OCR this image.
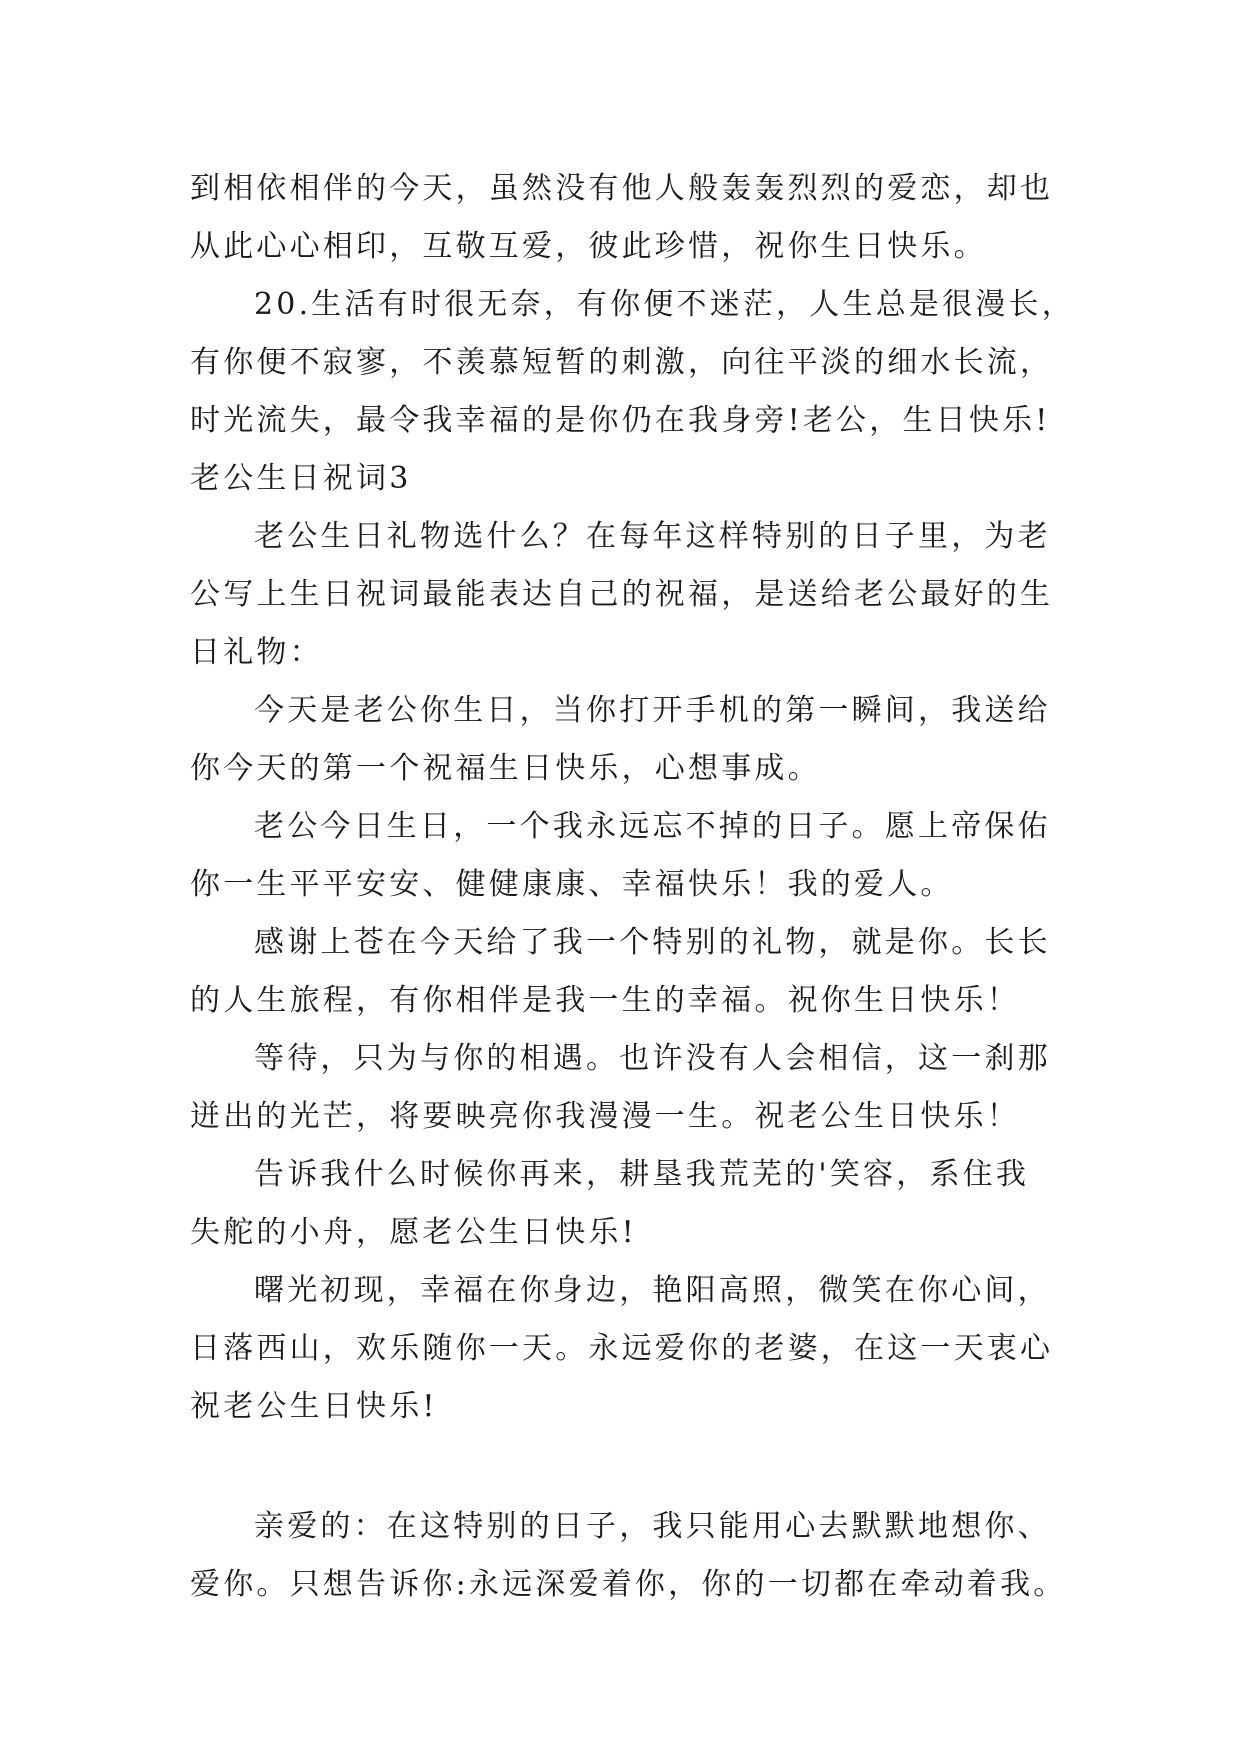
到相依相伴的今天，虽然没有他人般轰轰烈烈的爱恋，却也
从此心心相印，互敬互爱，彼此珍惜，祝你生日快乐。
20.生活有时很无奈，有你便不迷茫，人生总是很漫长，
有你便不寂寥，不羡慕短暂的刺激，向往平淡的细水长流，
时光流失，最令我幸福的是你仍在我身旁!老公，生日快乐!
老公生日祝词3
老公生日礼物选什么？在每年这样特别的日子里，为老
公写上生日祝词最能表达自己的祝福，是送给老公最好的生
日礼物：
今天是老公你生日，当你打开手机的第一瞬间，我送给
你今天的第一个祝福生日快乐，心想事成。
老公今日生日，一个我永远忘不掉的日子。愿上帝保佑
你一生平平安安、健健康康、幸福快乐！我的爱人。
感谢上苍在今天给了我一个特别的礼物，就是你。长长
的人生旅程，有你相伴是我一生的幸福。祝你生日快乐！
等待，只为与你的相遇。也许没有人会相信，这一刹那
迸出的光芒，将要映亮你我漫漫一生。祝老公生日快乐！
告诉我什么时候你再来，耕垦我荒芜的'笑容，系住我
失舵的小舟，愿老公生日快乐!
曙光初现，幸福在你身边，艳阳高照，微笑在你心间，
日落西山，欢乐随你一天。永远爱你的老婆，在这一天衷心
祝老公生日快乐!
亲爱的：在这特别的日子，我只能用心去默默地想你、
爱你。只想告诉你:永远深爱着你，你的一切都在牵动着我。
